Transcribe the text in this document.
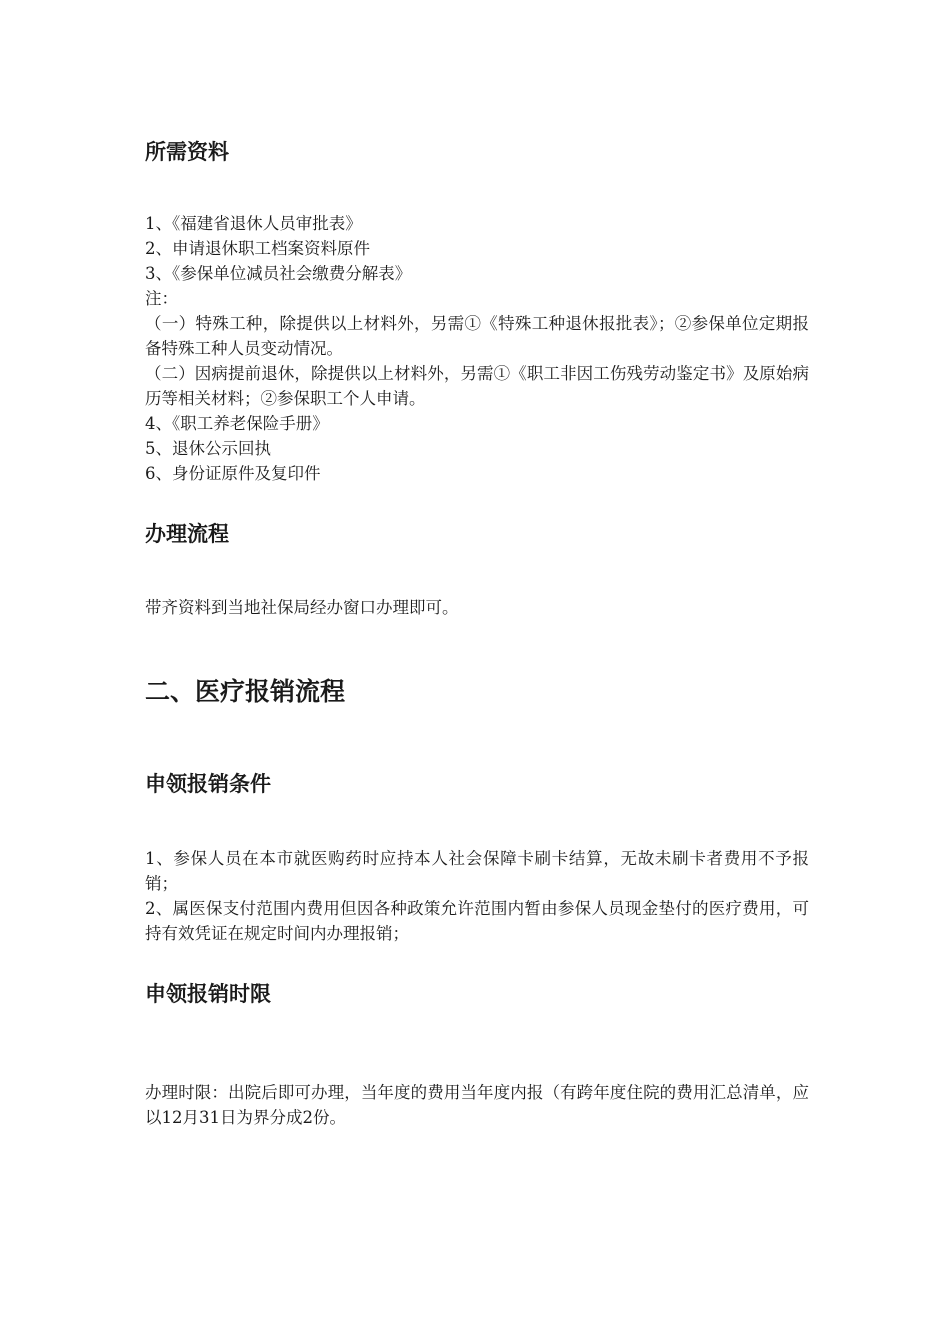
所需资料
1、《福建省退休人员审批表》
2、申请退休职工档案资料原件
3、《参保单位减员社会缴费分解表》
注：
（一）特殊工种，除提供以上材料外，另需①《特殊工种退休报批表》；②参保单位定期报备特殊工种人员变动情况。
（二）因病提前退休，除提供以上材料外，另需①《职工非因工伤残劳动鉴定书》及原始病历等相关材料；②参保职工个人申请。
4、《职工养老保险手册》
5、退休公示回执
6、身份证原件及复印件
办理流程
带齐资料到当地社保局经办窗口办理即可。
二、医疗报销流程
申领报销条件
1、参保人员在本市就医购药时应持本人社会保障卡刷卡结算，无故未刷卡者费用不予报销；
2、属医保支付范围内费用但因各种政策允许范围内暂由参保人员现金垫付的医疗费用，可持有效凭证在规定时间内办理报销；
申领报销时限
办理时限：出院后即可办理，当年度的费用当年度内报（有跨年度住院的费用汇总清单，应以12月31日为界分成2份。
